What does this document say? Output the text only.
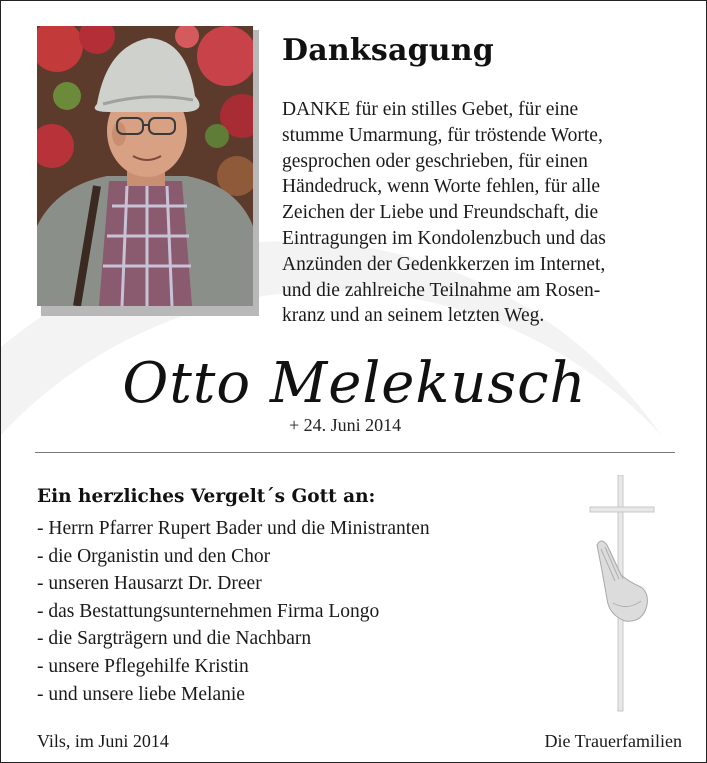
Danksagung

DANKE für ein stilles Gebet, für eine
stumme Umarmung, für tröstende Worte,
gesprochen oder geschrieben, für einen
Händedruck, wenn Worte fehlen, für alle
Zeichen der Liebe und Freundschaft, die
Eintragungen im Kondolenzbuch und das
Anzünden der Gedenkkerzen im Internet,
und die zahlreiche Teilnahme am Rosen-
kranz und an seinem letzten Weg.

Otto Melekusch
+ 24. Juni 2014
Ein herzliches Vergelt´s Gott an:
- Herrn Pfarrer Rupert Bader und die Ministranten
- die Organistin und den Chor
- unseren Hausarzt Dr. Dreer
- das Bestattungsunternehmen Firma Longo
- die Sargträgern und die Nachbarn
- unsere Pflegehilfe Kristin
- und unsere liebe Melanie
Vils, im Juni 2014	Die Trauerfamilien
